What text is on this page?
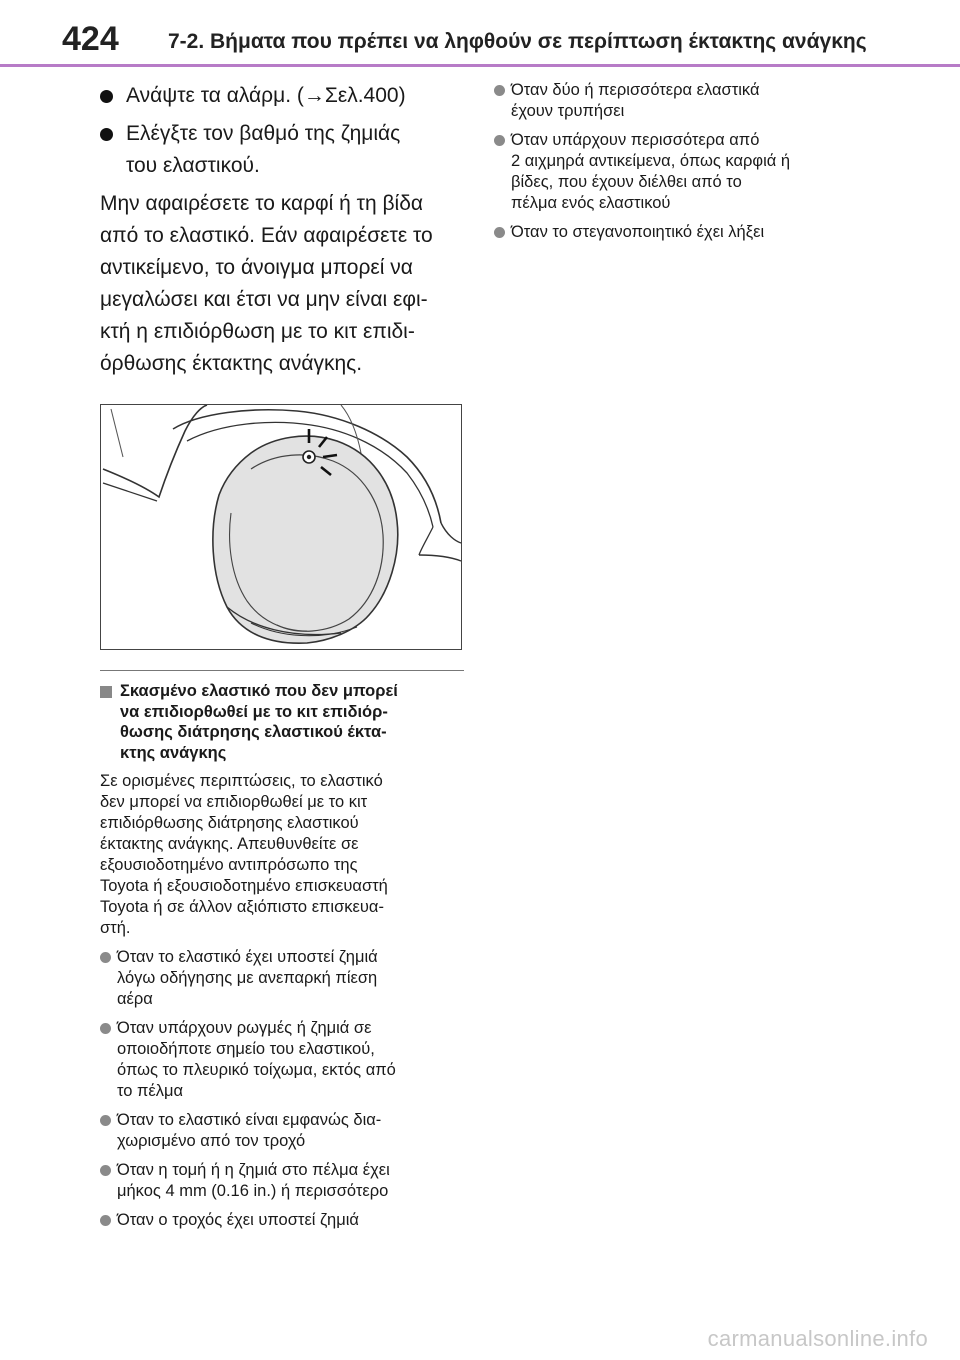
424 7-2. Βήματα που πρέπει να ληφθούν σε περίπτωση έκτακτης ανάγκης
Ανάψτε τα αλάρμ. (→Σελ.400)
Ελέγξτε τον βαθμό της ζημιάς
του ελαστικού.

Μην αφαιρέσετε το καρφί ή τη βίδα
από το ελαστικό. Εάν αφαιρέσετε το
αντικείμενο, το άνοιγμα μπορεί να
μεγαλώσει και έτσι να μην είναι εφι-
κτή η επιδιόρθωση με το κιτ επιδι-
όρθωσης έκτακτης ανάγκης.

Σκασμένο ελαστικό που δεν μπορεί
να επιδιορθωθεί με το κιτ επιδιόρ-
θωσης διάτρησης ελαστικού έκτα-
κτης ανάγκης

Σε ορισμένες περιπτώσεις, το ελαστικό
δεν μπορεί να επιδιορθωθεί με το κιτ
επιδιόρθωσης διάτρησης ελαστικού
έκτακτης ανάγκης. Απευθυνθείτε σε
εξουσιοδοτημένο αντιπρόσωπο της
Toyota ή εξουσιοδοτημένο επισκευαστή
Toyota ή σε άλλον αξιόπιστο επισκευα-
στή.

Όταν το ελαστικό έχει υποστεί ζημιά
λόγω οδήγησης με ανεπαρκή πίεση
αέρα
Όταν υπάρχουν ρωγμές ή ζημιά σε
οποιοδήποτε σημείο του ελαστικού,
όπως το πλευρικό τοίχωμα, εκτός από
το πέλμα
Όταν το ελαστικό είναι εμφανώς δια-
χωρισμένο από τον τροχό
Όταν η τομή ή η ζημιά στο πέλμα έχει
μήκος 4 mm (0.16 in.) ή περισσότερο
Όταν ο τροχός έχει υποστεί ζημιά
Όταν δύο ή περισσότερα ελαστικά
έχουν τρυπήσει
Όταν υπάρχουν περισσότερα από
2 αιχμηρά αντικείμενα, όπως καρφιά ή
βίδες, που έχουν διέλθει από το
πέλμα ενός ελαστικού
Όταν το στεγανοποιητικό έχει λήξει
carmanualsonline.info
